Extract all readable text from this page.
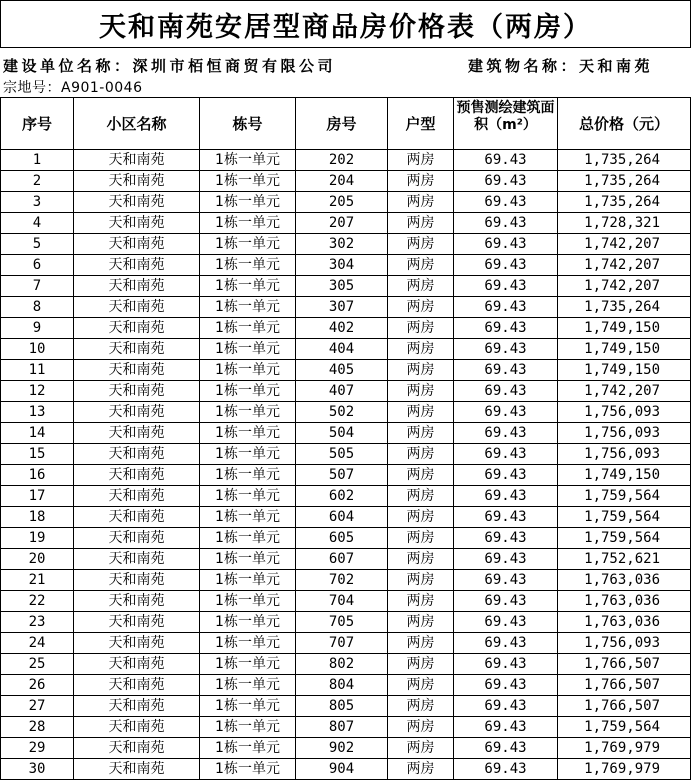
天和南苑安居型商品房价格表（两房）
建设单位名称：深圳市栢恒商贸有限公司	建筑物名称：天和南苑
宗地号：A901-0046
序号	小区名称	栋号	房号	户型	预售测绘建筑面积（m²）	总价格（元）
1	天和南苑	1栋一单元	202	两房	69.43	1,735,264
2	天和南苑	1栋一单元	204	两房	69.43	1,735,264
3	天和南苑	1栋一单元	205	两房	69.43	1,735,264
4	天和南苑	1栋一单元	207	两房	69.43	1,728,321
5	天和南苑	1栋一单元	302	两房	69.43	1,742,207
6	天和南苑	1栋一单元	304	两房	69.43	1,742,207
7	天和南苑	1栋一单元	305	两房	69.43	1,742,207
8	天和南苑	1栋一单元	307	两房	69.43	1,735,264
9	天和南苑	1栋一单元	402	两房	69.43	1,749,150
10	天和南苑	1栋一单元	404	两房	69.43	1,749,150
11	天和南苑	1栋一单元	405	两房	69.43	1,749,150
12	天和南苑	1栋一单元	407	两房	69.43	1,742,207
13	天和南苑	1栋一单元	502	两房	69.43	1,756,093
14	天和南苑	1栋一单元	504	两房	69.43	1,756,093
15	天和南苑	1栋一单元	505	两房	69.43	1,756,093
16	天和南苑	1栋一单元	507	两房	69.43	1,749,150
17	天和南苑	1栋一单元	602	两房	69.43	1,759,564
18	天和南苑	1栋一单元	604	两房	69.43	1,759,564
19	天和南苑	1栋一单元	605	两房	69.43	1,759,564
20	天和南苑	1栋一单元	607	两房	69.43	1,752,621
21	天和南苑	1栋一单元	702	两房	69.43	1,763,036
22	天和南苑	1栋一单元	704	两房	69.43	1,763,036
23	天和南苑	1栋一单元	705	两房	69.43	1,763,036
24	天和南苑	1栋一单元	707	两房	69.43	1,756,093
25	天和南苑	1栋一单元	802	两房	69.43	1,766,507
26	天和南苑	1栋一单元	804	两房	69.43	1,766,507
27	天和南苑	1栋一单元	805	两房	69.43	1,766,507
28	天和南苑	1栋一单元	807	两房	69.43	1,759,564
29	天和南苑	1栋一单元	902	两房	69.43	1,769,979
30	天和南苑	1栋一单元	904	两房	69.43	1,769,979
